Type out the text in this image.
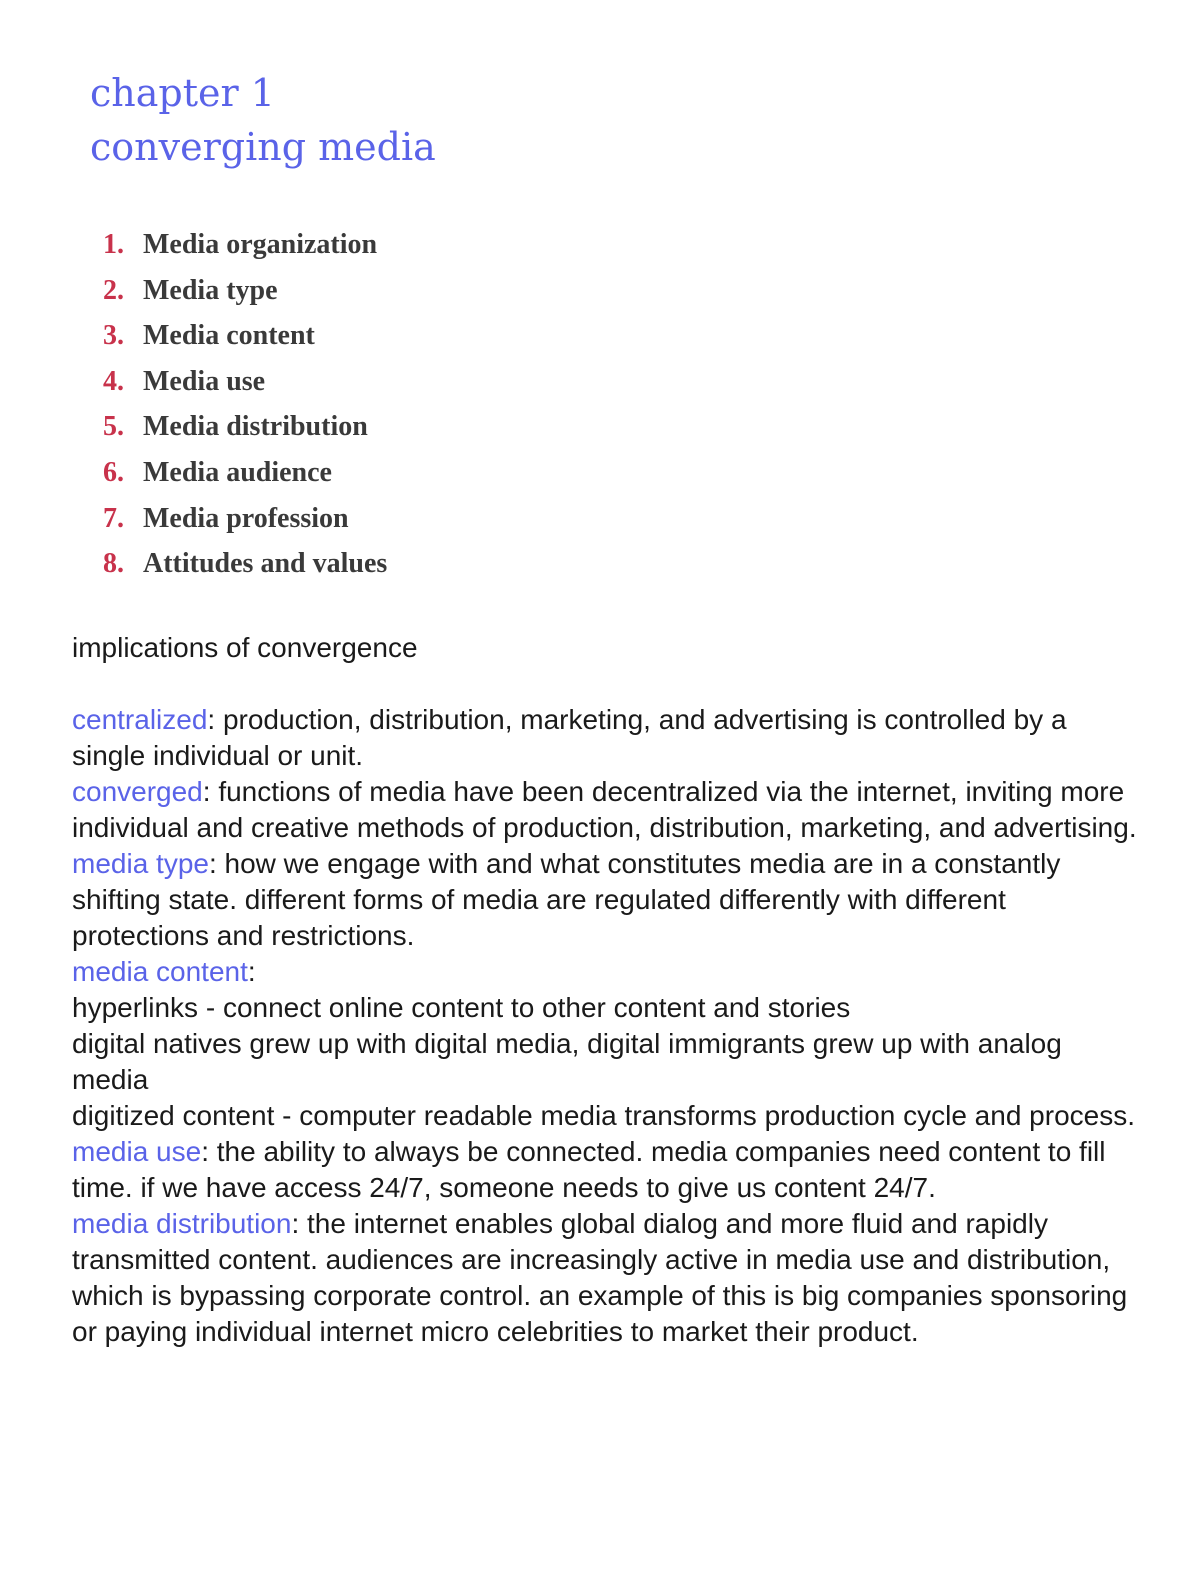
chapter 1
converging media
1. Media organization
2. Media type
3. Media content
4. Media use
5. Media distribution
6. Media audience
7. Media profession
8. Attitudes and values

implications of convergence

centralized: production, distribution, marketing, and advertising is controlled by a single individual or unit.

converged: functions of media have been decentralized via the internet, inviting more individual and creative methods of production, distribution, marketing, and advertising.

media type: how we engage with and what constitutes media are in a constantly shifting state. different forms of media are regulated differently with different protections and restrictions.

media content:

hyperlinks - connect online content to other content and stories

digital natives grew up with digital media, digital immigrants grew up with analog media

digitized content - computer readable media transforms production cycle and process.

media use: the ability to always be connected. media companies need content to fill time. if we have access 24/7, someone needs to give us content 24/7.

media distribution: the internet enables global dialog and more fluid and rapidly transmitted content. audiences are increasingly active in media use and distribution, which is bypassing corporate control. an example of this is big companies sponsoring or paying individual internet micro celebrities to market their product.
